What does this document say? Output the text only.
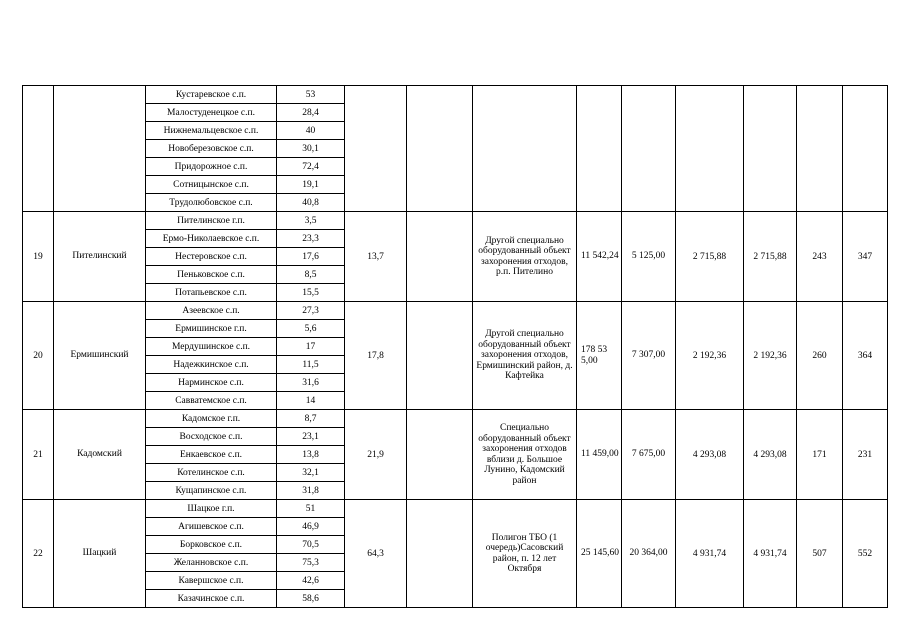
		Кустаревское с.п.	53									
		Малостуденецкое с.п.	28,4									
		Нижнемальцевское с.п.	40									
		Новоберезовское с.п.	30,1									
		Придорожное с.п.	72,4									
		Сотницынское с.п.	19,1									
		Трудолюбовское с.п.	40,8									
19	Пителинский	Пителинское г.п.	3,5	13,7		Другой специально оборудованный объект захоронения отходов, р.п. Пителино	11 542,24	5 125,00	2 715,88	2 715,88	243	347
		Ермо-Николаевское с.п.	23,3									
		Нестеровское с.п.	17,6									
		Пеньковское с.п.	8,5									
		Потапьевское с.п.	15,5									
20	Ермишинский	Азеевское с.п.	27,3	17,8		Другой специально оборудованный объект захоронения отходов, Ермишинский район, д. Кафтейка	178 53 5,00	7 307,00	2 192,36	2 192,36	260	364
		Ермишинское г.п.	5,6									
		Мердушинское с.п.	17									
		Надежкинское с.п.	11,5									
		Нарминское с.п.	31,6									
		Савватемское с.п.	14									
21	Кадомский	Кадомское г.п.	8,7	21,9		Специально оборудованный объект захоронения отходов вблизи д. Большое Лунино, Кадомский район	11 459,00	7 675,00	4 293,08	4 293,08	171	231
		Восходское с.п.	23,1									
		Енкаевское с.п.	13,8									
		Котелинское с.п.	32,1									
		Кущапинское с.п.	31,8									
22	Шацкий	Шацкое г.п.	51	64,3		Полигон ТБО (1 очередь)Сасовский район, п. 12 лет Октября	25 145,60	20 364,00	4 931,74	4 931,74	507	552
		Агишевское с.п.	46,9									
		Борковское с.п.	70,5									
		Желанновское с.п.	75,3									
		Кавершское с.п.	42,6									
		Казачинское с.п.	58,6									
